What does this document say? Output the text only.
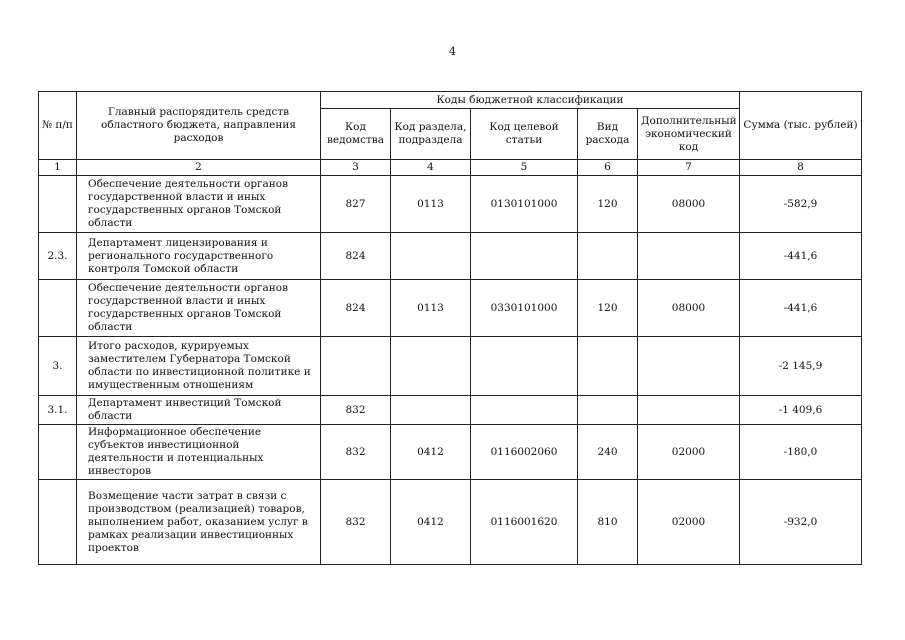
4
№ п/п	Главный распорядитель средств областного бюджета, направления расходов	Коды бюджетной классификации					Сумма (тыс. рублей)
		Код ведомства	Код раздела, подраздела	Код целевой статьи	Вид расхода	Дополнительный экономический код	
1	2	3	4	5	6	7	8

	Обеспечение деятельности органов государственной власти и иных государственных органов Томской области	827	0113	0130101000	120	08000	-582,9
2.3.	Департамент лицензирования и регионального государственного контроля Томской области	824					-441,6

	Обеспечение деятельности органов государственной власти и иных государственных органов Томской области	824	0113	0330101000	120	08000	-441,6
3.	Итого расходов, курируемых заместителем Губернатора Томской области по инвестиционной политике и имущественным отношениям						-2 145,9
3.1.	Департамент инвестиций Томской области	832					-1 409,6

	Информационное обеспечение субъектов инвестиционной деятельности и потенциальных инвесторов	832	0412	0116002060	240	02000	-180,0

	Возмещение части затрат в связи с производством (реализацией) товаров, выполнением работ, оказанием услуг в рамках реализации инвестиционных проектов	832	0412	0116001620	810	02000	-932,0
